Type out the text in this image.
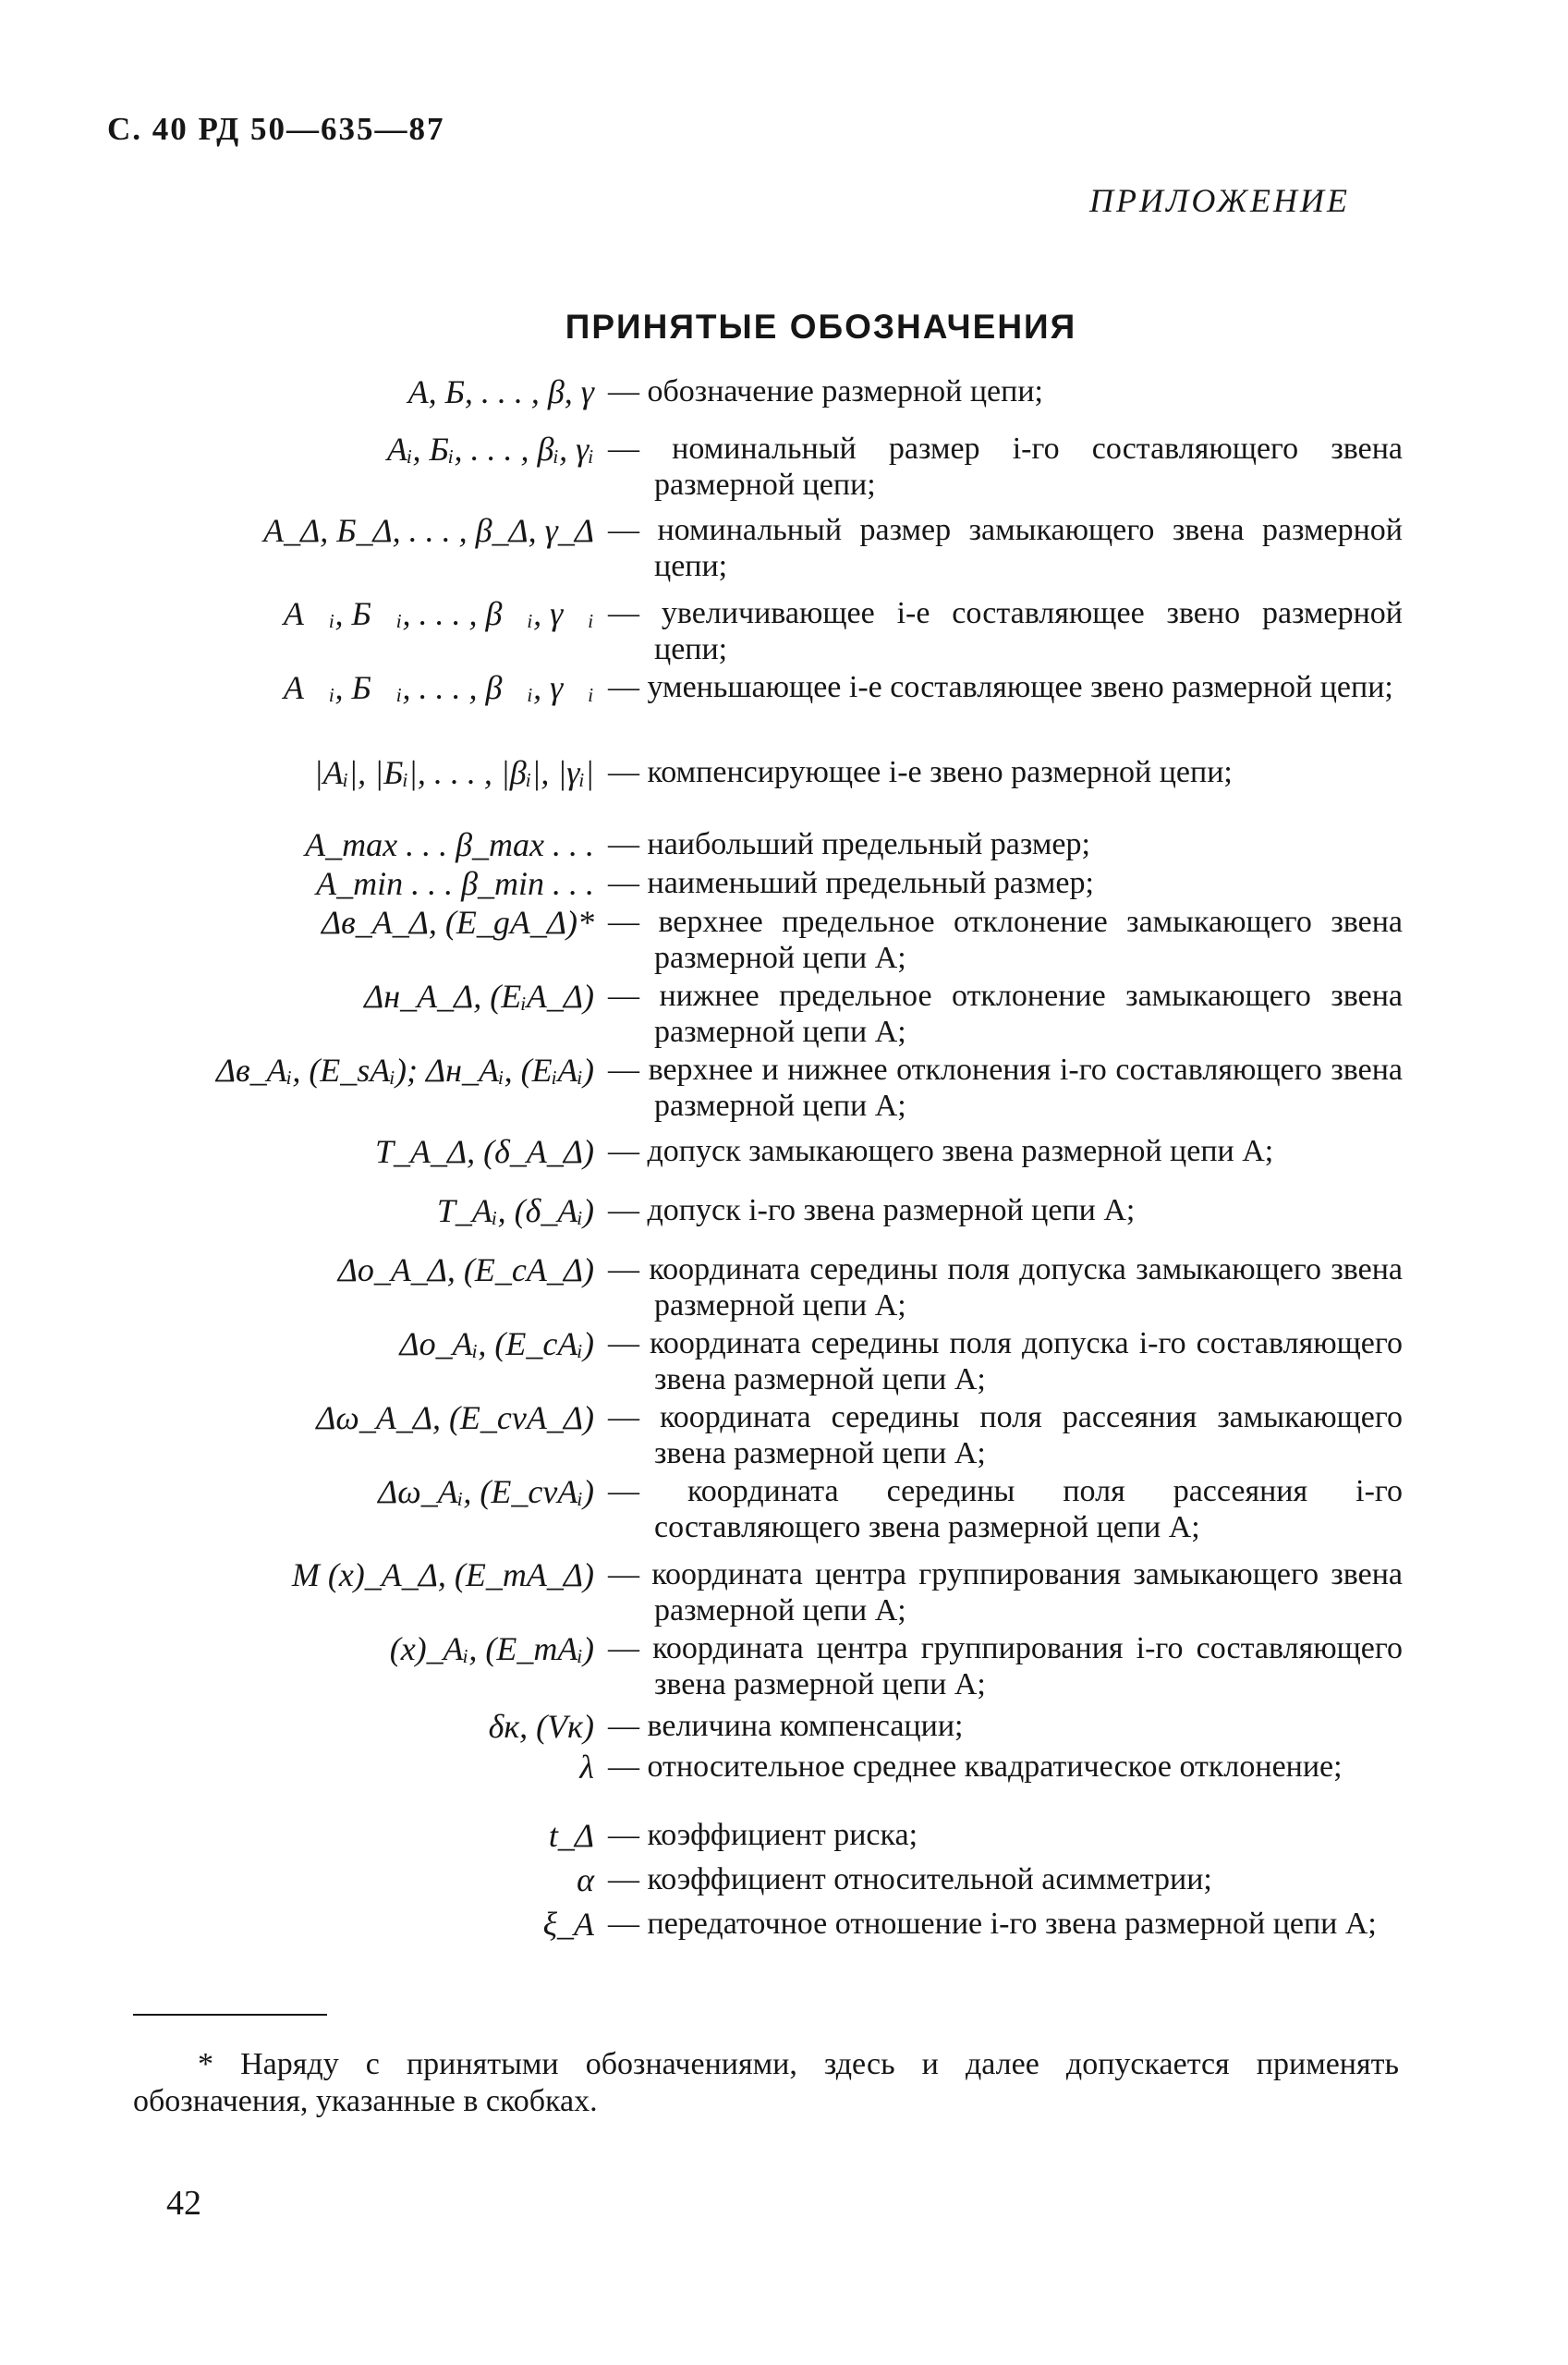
С. 40 РД 50—635—87
ПРИЛОЖЕНИЕ
ПРИНЯТЫЕ ОБОЗНАЧЕНИЯ
А, Б, . . . , β, γ — обозначение размерной цепи;
Aᵢ, Бᵢ, . . . , βᵢ, γᵢ — номинальный размер i-го составляющего звена размерной цепи;
A_Δ, Б_Δ, . . . , β_Δ, γ_Δ — номинальный размер замыкающего звена размерной цепи;
A⃗ᵢ, Б⃗ᵢ, . . . , β⃗ᵢ, γ⃗ᵢ — увеличивающее i-е составляющее звено размерной цепи;
A⃖ᵢ, Б⃖ᵢ, . . . , β⃖ᵢ, γ⃖ᵢ — уменьшающее i-е составляющее звено размерной цепи;
|Aᵢ|, |Бᵢ|, . . . , |βᵢ|, |γᵢ| — компенсирующее i-е звено размерной цепи;
A_max . . . β_max . . . — наибольший предельный размер;
A_min . . . β_min . . . — наименьший предельный размер;
Δв_A_Δ, (E_gA_Δ)* — верхнее предельное отклонение замыкающего звена размерной цепи A;
Δн_A_Δ, (EᵢA_Δ) — нижнее предельное отклонение замыкающего звена размерной цепи A;
Δв_Aᵢ, (E_sAᵢ); Δн_Aᵢ, (EᵢAᵢ) — верхнее и нижнее отклонения i-го составляющего звена размерной цепи A;
T_A_Δ, (δ_A_Δ) — допуск замыкающего звена размерной цепи A;
T_Aᵢ, (δ_Aᵢ) — допуск i-го звена размерной цепи A;
Δo_A_Δ, (E_cA_Δ) — координата середины поля допуска замыкающего звена размерной цепи A;
Δo_Aᵢ, (E_cAᵢ) — координата середины поля допуска i-го составляющего звена размерной цепи A;
Δω_A_Δ, (E_cvA_Δ) — координата середины поля рассеяния замыкающего звена размерной цепи A;
Δω_Aᵢ, (E_cvAᵢ) — координата середины поля рассеяния i-го составляющего звена размерной цепи A;
M (x)_A_Δ, (E_mA_Δ) — координата центра группирования замыкающего звена размерной цепи A;
(x)_Aᵢ, (E_mAᵢ) — координата центра группирования i-го составляющего звена размерной цепи A;
δк, (Vк) — величина компенсации;
λ — относительное среднее квадратическое отклонение;
t_Δ — коэффициент риска;
α — коэффициент относительной асимметрии;
ξ_A — передаточное отношение i-го звена размерной цепи A;
* Наряду с принятыми обозначениями, здесь и далее допускается применять обозначения, указанные в скобках.
42
